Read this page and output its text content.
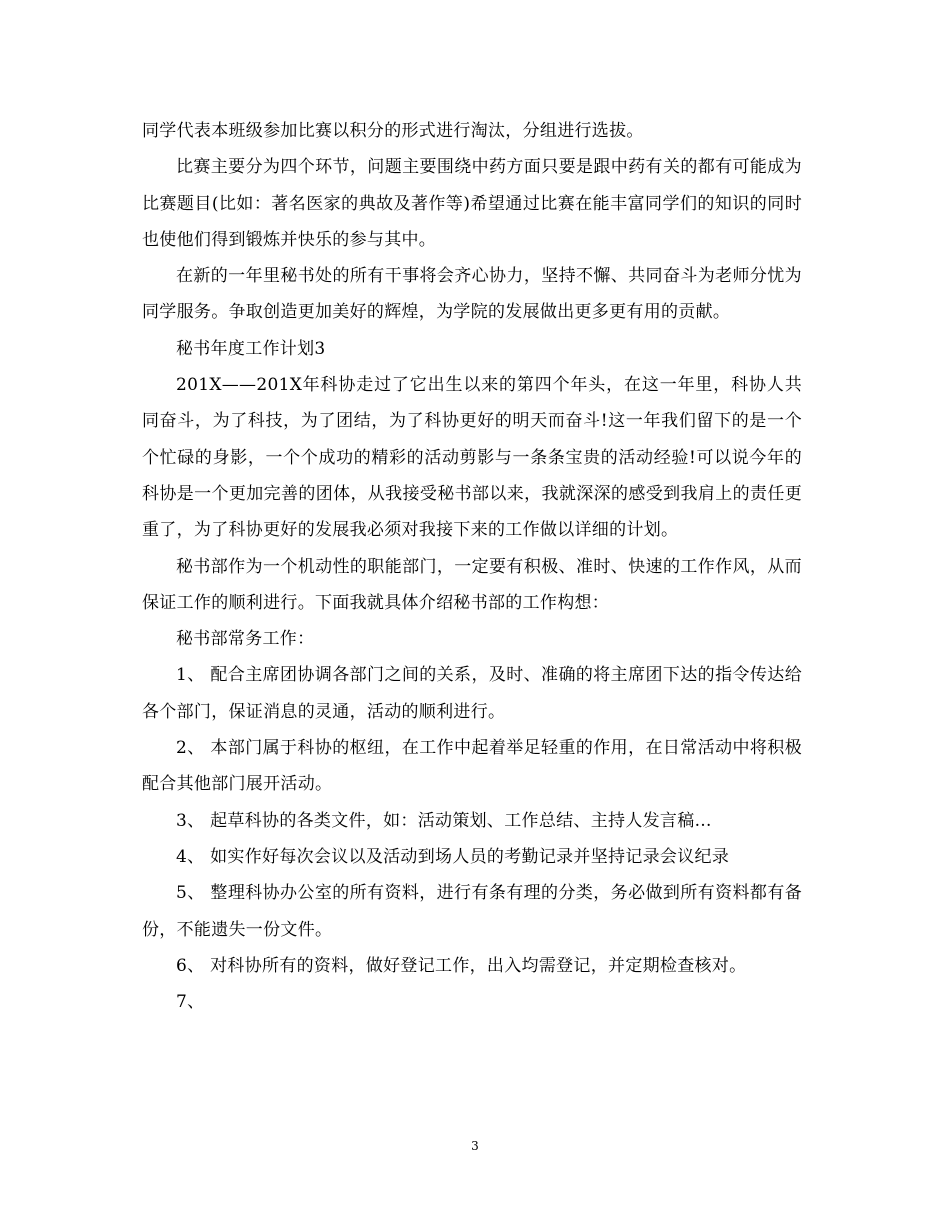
同学代表本班级参加比赛以积分的形式进行淘汰，分组进行选拔。

比赛主要分为四个环节，问题主要围绕中药方面只要是跟中药有关的都有可能成为比赛题目(比如：著名医家的典故及著作等)希望通过比赛在能丰富同学们的知识的同时也使他们得到锻炼并快乐的参与其中。

在新的一年里秘书处的所有干事将会齐心协力，坚持不懈、共同奋斗为老师分忧为同学服务。争取创造更加美好的辉煌，为学院的发展做出更多更有用的贡献。

秘书年度工作计划3

201X——201X年科协走过了它出生以来的第四个年头，在这一年里，科协人共同奋斗，为了科技，为了团结，为了科协更好的明天而奋斗!这一年我们留下的是一个个忙碌的身影，一个个成功的精彩的活动剪影与一条条宝贵的活动经验!可以说今年的科协是一个更加完善的团体，从我接受秘书部以来，我就深深的感受到我肩上的责任更重了，为了科协更好的发展我必须对我接下来的工作做以详细的计划。

秘书部作为一个机动性的职能部门，一定要有积极、准时、快速的工作作风，从而保证工作的顺利进行。下面我就具体介绍秘书部的工作构想：

秘书部常务工作：

1、 配合主席团协调各部门之间的关系，及时、准确的将主席团下达的指令传达给各个部门，保证消息的灵通，活动的顺利进行。

2、 本部门属于科协的枢纽，在工作中起着举足轻重的作用，在日常活动中将积极配合其他部门展开活动。

3、 起草科协的各类文件，如：活动策划、工作总结、主持人发言稿…

4、 如实作好每次会议以及活动到场人员的考勤记录并坚持记录会议纪录

5、 整理科协办公室的所有资料，进行有条有理的分类，务必做到所有资料都有备份，不能遗失一份文件。

6、 对科协所有的资料，做好登记工作，出入均需登记，并定期检查核对。

7、

3
